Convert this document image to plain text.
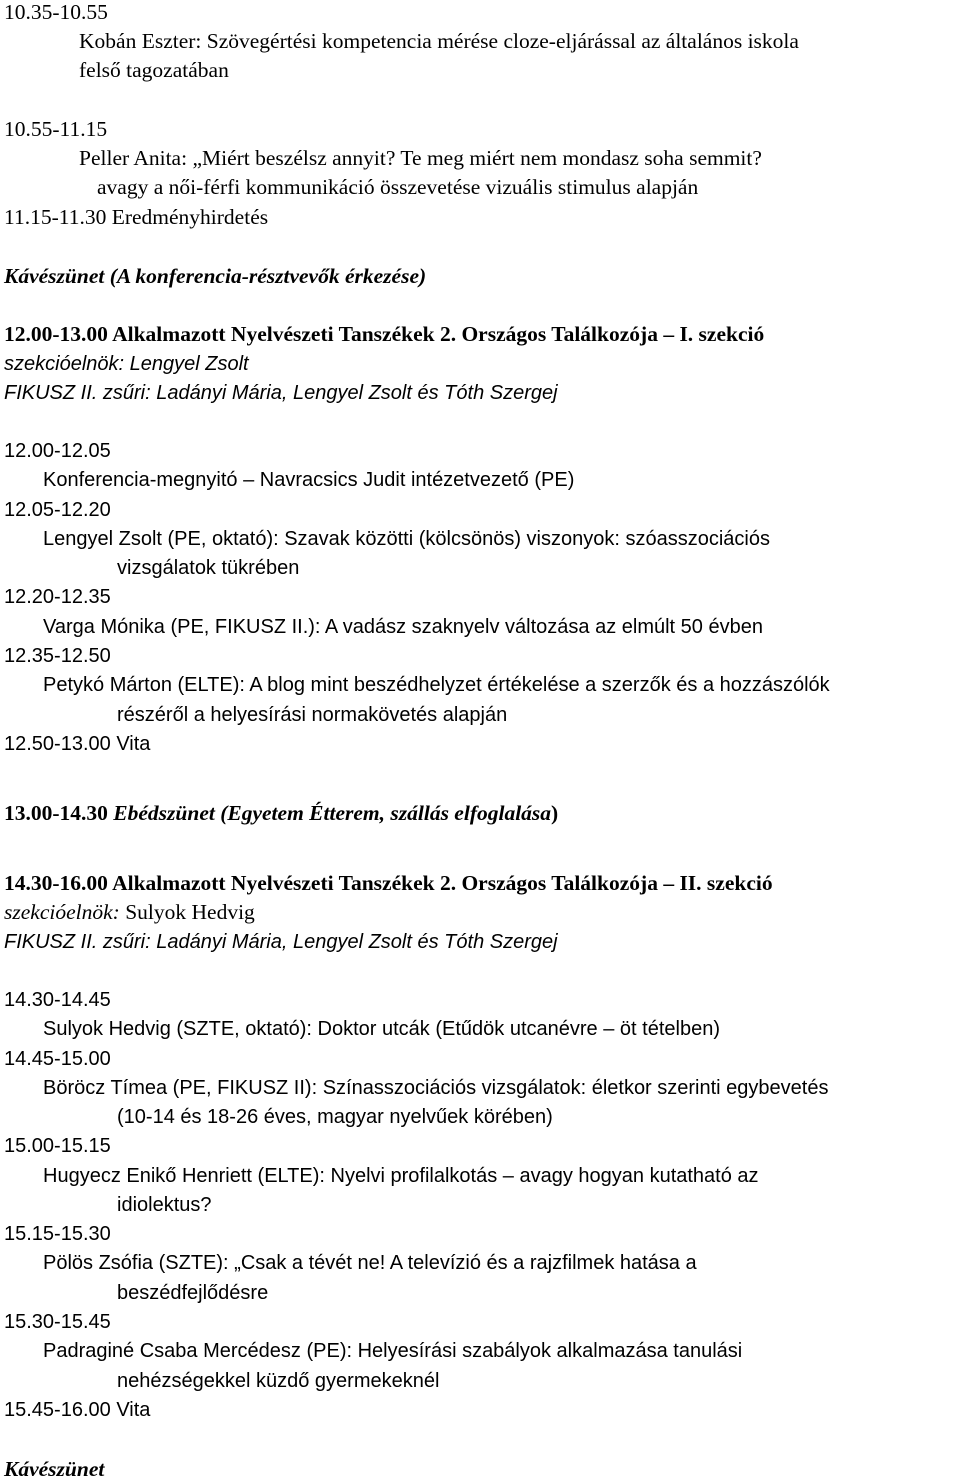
10.35-10.55
Kobán Eszter: Szövegértési kompetencia mérése cloze-eljárással az általános iskola
felső tagozatában
10.55-11.15
Peller Anita: „Miért beszélsz annyit? Te meg miért nem mondasz soha semmit?
avagy a női-férfi kommunikáció összevetése vizuális stimulus alapján
11.15-11.30 Eredményhirdetés
Kávészünet (A konferencia-résztvevők érkezése)
12.00-13.00 Alkalmazott Nyelvészeti Tanszékek 2. Országos Találkozója – I. szekció
szekcióelnök: Lengyel Zsolt
FIKUSZ II. zsűri: Ladányi Mária, Lengyel Zsolt és Tóth Szergej
12.00-12.05
Konferencia-megnyitó – Navracsics Judit intézetvezető (PE)
12.05-12.20
Lengyel Zsolt (PE, oktató): Szavak közötti (kölcsönös) viszonyok: szóasszociációs
vizsgálatok tükrében
12.20-12.35
Varga Mónika (PE, FIKUSZ II.): A vadász szaknyelv változása az elmúlt 50 évben
12.35-12.50
Petykó Márton (ELTE): A blog mint beszédhelyzet értékelése a szerzők és a hozzászólók
részéről a helyesírási normakövetés alapján
12.50-13.00 Vita
13.00-14.30 Ebédszünet (Egyetem Étterem, szállás elfoglalása)
14.30-16.00 Alkalmazott Nyelvészeti Tanszékek 2. Országos Találkozója – II. szekció
szekcióelnök: Sulyok Hedvig
FIKUSZ II. zsűri: Ladányi Mária, Lengyel Zsolt és Tóth Szergej
14.30-14.45
Sulyok Hedvig (SZTE, oktató): Doktor utcák (Etűdök utcanévre – öt tételben)
14.45-15.00
Böröcz Tímea (PE, FIKUSZ II): Színasszociációs vizsgálatok: életkor szerinti egybevetés
(10-14 és 18-26 éves, magyar nyelvűek körében)
15.00-15.15
Hugyecz Enikő Henriett (ELTE): Nyelvi profilalkotás – avagy hogyan kutatható az
idiolektus?
15.15-15.30
Pölös Zsófia (SZTE): „Csak a tévét ne! A televízió és a rajzfilmek hatása a
beszédfejlődésre
15.30-15.45
Padraginé Csaba Mercédesz (PE): Helyesírási szabályok alkalmazása tanulási
nehézségekkel küzdő gyermekeknél
15.45-16.00 Vita
Kávészünet
